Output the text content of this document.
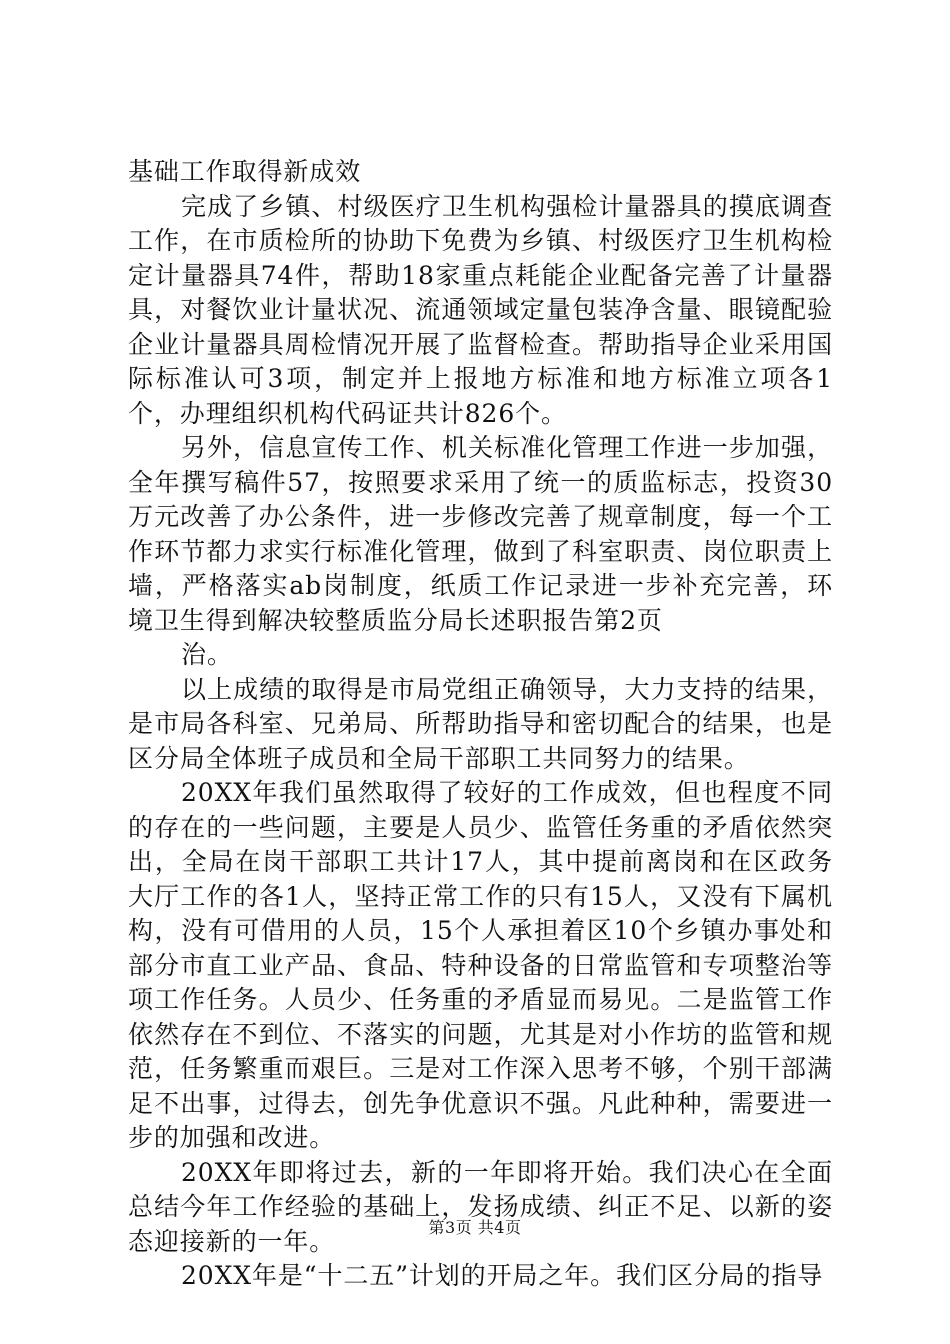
基础工作取得新成效

完成了乡镇、村级医疗卫生机构强检计量器具的摸底调查工作，在市质检所的协助下免费为乡镇、村级医疗卫生机构检定计量器具74件，帮助18家重点耗能企业配备完善了计量器具，对餐饮业计量状况、流通领域定量包装净含量、眼镜配验企业计量器具周检情况开展了监督检查。帮助指导企业采用国际标准认可3项，制定并上报地方标准和地方标准立项各1个，办理组织机构代码证共计826个。

另外，信息宣传工作、机关标准化管理工作进一步加强，全年撰写稿件57，按照要求采用了统一的质监标志，投资30万元改善了办公条件，进一步修改完善了规章制度，每一个工作环节都力求实行标准化管理，做到了科室职责、岗位职责上墙，严格落实ab岗制度，纸质工作记录进一步补充完善，环境卫生得到解决较整质监分局长述职报告第2页

治。

以上成绩的取得是市局党组正确领导，大力支持的结果，是市局各科室、兄弟局、所帮助指导和密切配合的结果，也是区分局全体班子成员和全局干部职工共同努力的结果。

20XX年我们虽然取得了较好的工作成效，但也程度不同的存在的一些问题，主要是人员少、监管任务重的矛盾依然突出，全局在岗干部职工共计17人，其中提前离岗和在区政务大厅工作的各1人，坚持正常工作的只有15人，又没有下属机构，没有可借用的人员，15个人承担着区10个乡镇办事处和部分市直工业产品、食品、特种设备的日常监管和专项整治等项工作任务。人员少、任务重的矛盾显而易见。二是监管工作依然存在不到位、不落实的问题，尤其是对小作坊的监管和规范，任务繁重而艰巨。三是对工作深入思考不够，个别干部满足不出事，过得去，创先争优意识不强。凡此种种，需要进一步的加强和改进。

20XX年即将过去，新的一年即将开始。我们决心在全面总结今年工作经验的基础上，发扬成绩、纠正不足、以新的姿态迎接新的一年。

20XX年是“十二五”计划的开局之年。我们区分局的指导

第3页 共4页
